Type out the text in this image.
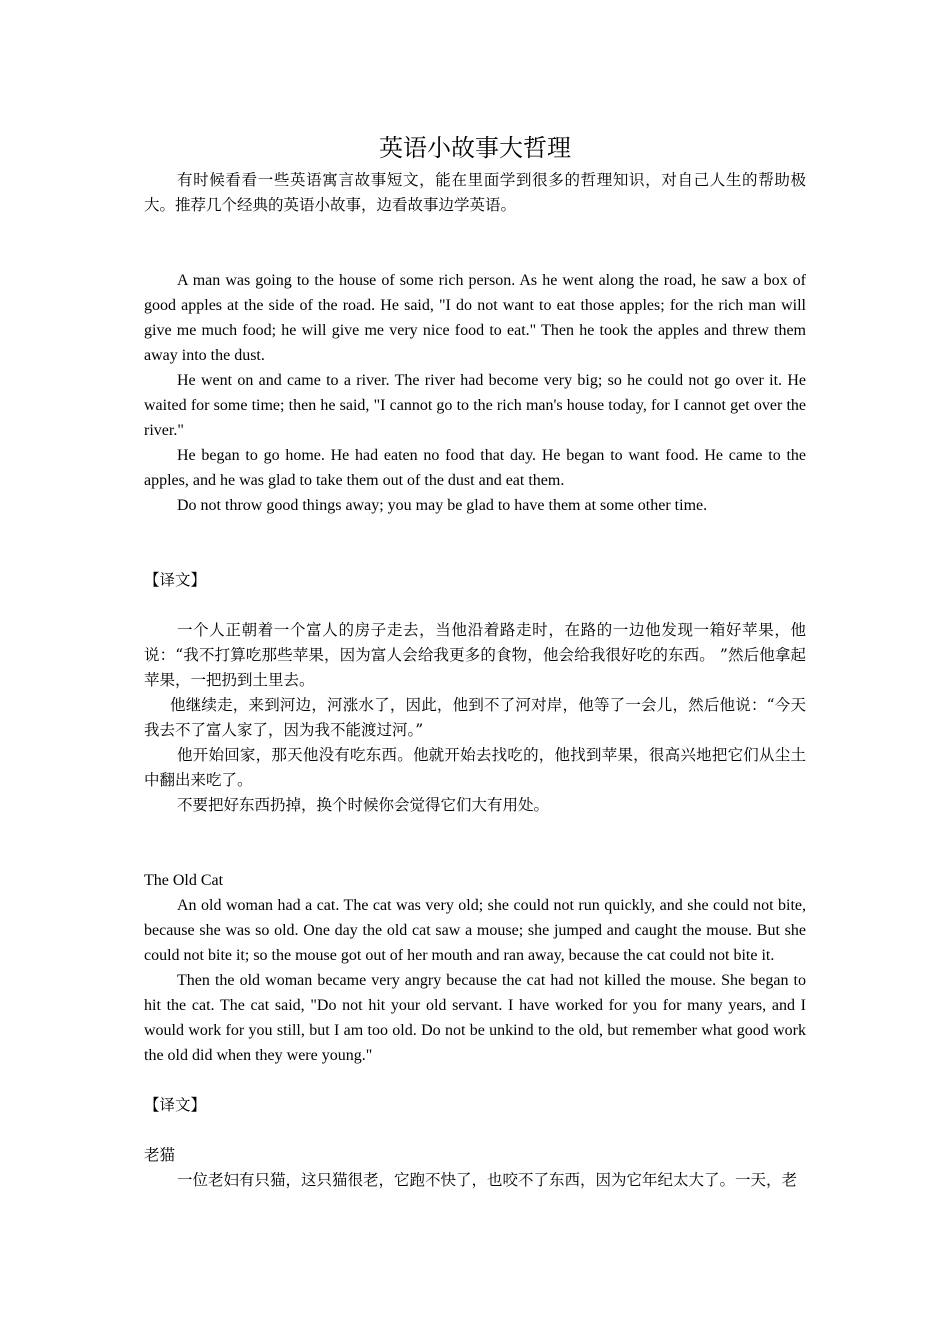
英语小故事大哲理

有时候看看一些英语寓言故事短文，能在里面学到很多的哲理知识，对自己人生的帮助极大。推荐几个经典的英语小故事，边看故事边学英语。

A man was going to the house of some rich person. As he went along the road, he saw a box of good apples at the side of the road. He said, "I do not want to eat those apples; for the rich man will give me much food; he will give me very nice food to eat." Then he took the apples and threw them away into the dust.

He went on and came to a river. The river had become very big; so he could not go over it. He waited for some time; then he said, "I cannot go to the rich man's house today, for I cannot get over the river."

He began to go home. He had eaten no food that day. He began to want food. He came to the apples, and he was glad to take them out of the dust and eat them.

Do not throw good things away; you may be glad to have them at some other time.

【译文】

一个人正朝着一个富人的房子走去，当他沿着路走时，在路的一边他发现一箱好苹果，他说：“我不打算吃那些苹果，因为富人会给我更多的食物，他会给我很好吃的东西。 ”然后他拿起苹果，一把扔到土里去。

他继续走，来到河边，河涨水了，因此，他到不了河对岸，他等了一会儿，然后他说：“今天我去不了富人家了，因为我不能渡过河。”

他开始回家，那天他没有吃东西。他就开始去找吃的，他找到苹果，很高兴地把它们从尘土中翻出来吃了。

不要把好东西扔掉，换个时候你会觉得它们大有用处。

The Old Cat

An old woman had a cat. The cat was very old; she could not run quickly, and she could not bite, because she was so old. One day the old cat saw a mouse; she jumped and caught the mouse. But she could not bite it; so the mouse got out of her mouth and ran away, because the cat could not bite it.

Then the old woman became very angry because the cat had not killed the mouse. She began to hit the cat. The cat said, "Do not hit your old servant. I have worked for you for many years, and I would work for you still, but I am too old. Do not be unkind to the old, but remember what good work the old did when they were young."

【译文】

老猫

一位老妇有只猫，这只猫很老，它跑不快了，也咬不了东西，因为它年纪太大了。一天，老
